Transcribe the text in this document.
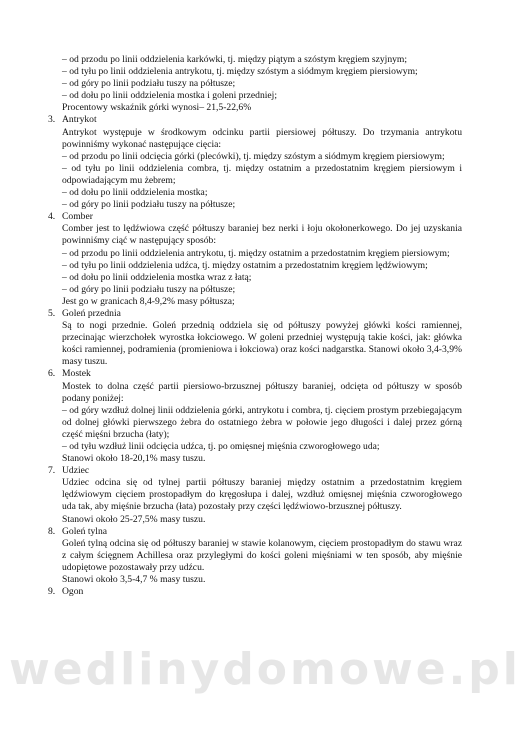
– od przodu po linii oddzielenia karkówki, tj. między piątym a szóstym kręgiem szyjnym;

– od tyłu po linii oddzielenia antrykotu, tj. między szóstym a siódmym kręgiem piersiowym;

– od góry po linii podziału tuszy na półtusze;

– od dołu po linii oddzielenia mostka i goleni przedniej;

Procentowy wskaźnik górki wynosi– 21,5-22,6%

3. Antrykot

Antrykot występuje w środkowym odcinku partii piersiowej półtuszy. Do trzymania antrykotu powinniśmy wykonać następujące cięcia:

– od przodu po linii odcięcia górki (plecówki), tj. między szóstym a siódmym kręgiem piersiowym;

– od tyłu po linii oddzielenia combra, tj. między ostatnim a przedostatnim kręgiem piersiowym i odpowiadającym mu żebrem;

– od dołu po linii oddzielenia mostka;

– od góry po linii podziału tuszy na półtusze;

4. Comber

Comber jest to lędźwiowa część półtuszy baraniej bez nerki i łoju okołonerkowego. Do jej uzyskania powinniśmy ciąć w następujący sposób:

– od przodu po linii oddzielenia antrykotu, tj. między ostatnim a przedostatnim kręgiem piersiowym;

– od tyłu po linii oddzielenia udźca, tj. między ostatnim a przedostatnim kręgiem lędźwiowym;

– od dołu po linii oddzielenia mostka wraz z łatą;

– od góry po linii podziału tuszy na półtusze;

Jest go w granicach 8,4-9,2% masy półtusza;

5. Goleń przednia

Są to nogi przednie. Goleń przednią oddziela się od półtuszy powyżej główki kości ramiennej, przecinając wierzchołek wyrostka łokciowego. W goleni przedniej występują takie kości, jak: główka kości ramiennej, podramienia (promieniowa i łokciowa) oraz kości nadgarstka. Stanowi około 3,4-3,9% masy tuszu.

6. Mostek

Mostek to dolna część partii piersiowo-brzusznej półtuszy baraniej, odcięta od półtuszy w sposób podany poniżej:

– od góry wzdłuż dolnej linii oddzielenia górki, antrykotu i combra, tj. cięciem prostym przebiegającym od dolnej główki pierwszego żebra do ostatniego żebra w połowie jego długości i dalej przez górną część mięśni brzucha (łaty);

– od tyłu wzdłuż linii odcięcia udźca, tj. po omięsnej mięśnia czworogłowego uda;

Stanowi około 18-20,1% masy tuszu.

7. Udziec

Udziec odcina się od tylnej partii półtuszy baraniej między ostatnim a przedostatnim kręgiem lędźwiowym cięciem prostopadłym do kręgosłupa i dalej, wzdłuż omięsnej mięśnia czworogłowego uda tak, aby mięśnie brzucha (łata) pozostały przy części lędźwiowo-brzusznej półtuszy.

Stanowi około 25-27,5% masy tuszu.

8. Goleń tylna

Goleń tylną odcina się od półtuszy baraniej w stawie kolanowym, cięciem prostopadłym do stawu wraz z całym ścięgnem Achillesa oraz przyległymi do kości goleni mięśniami w ten sposób, aby mięśnie udopiętowe pozostawały przy udźcu.

Stanowi około 3,5-4,7 % masy tuszu.

9. Ogon

wedlinydomowe.pl
